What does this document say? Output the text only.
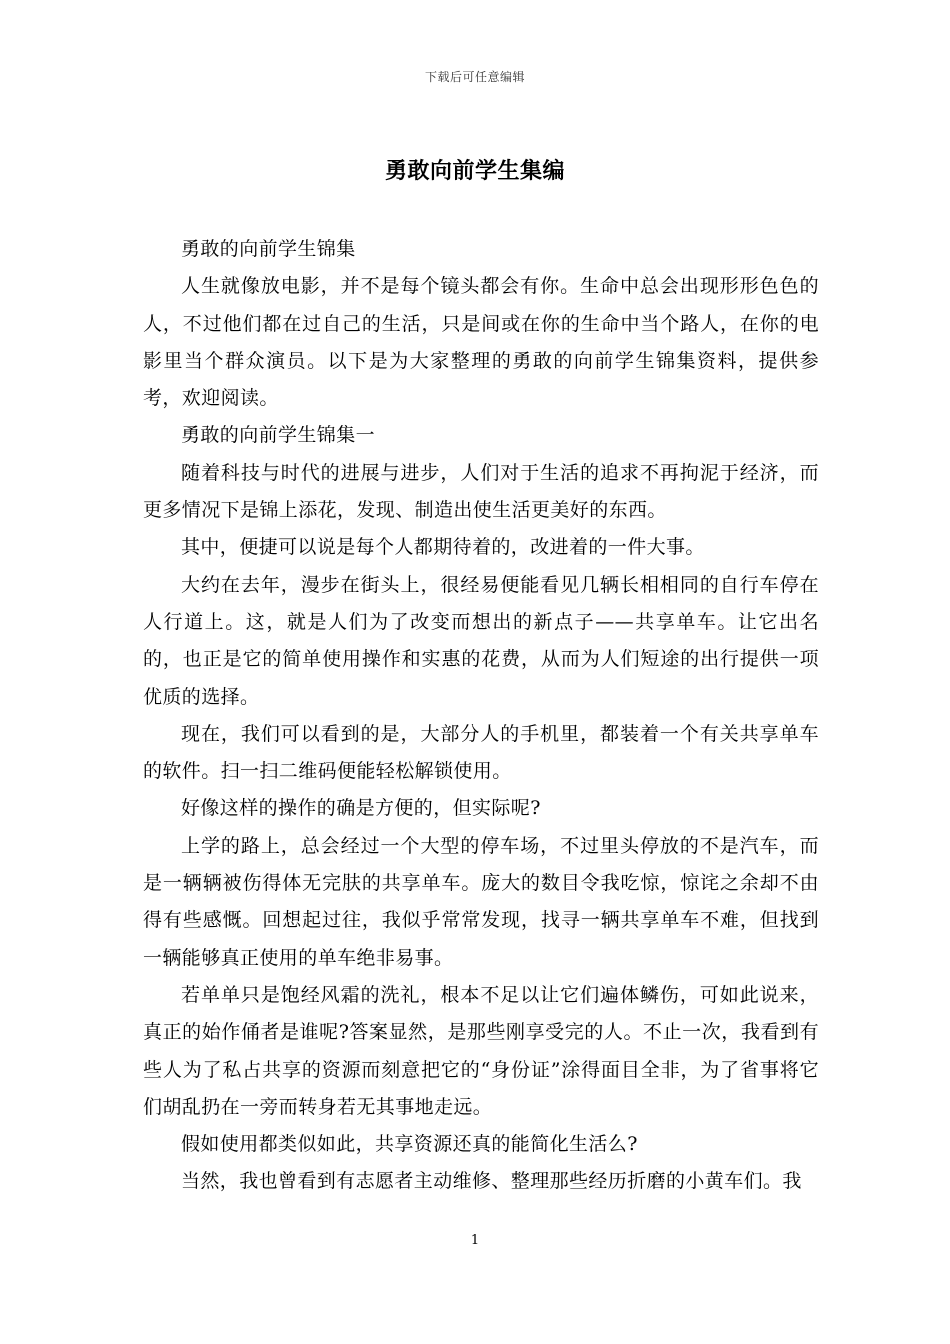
下载后可任意编辑
勇敢向前学生集编

勇敢的向前学生锦集

人生就像放电影，并不是每个镜头都会有你。生命中总会出现形形色色的人，不过他们都在过自己的生活，只是间或在你的生命中当个路人，在你的电影里当个群众演员。以下是为大家整理的勇敢的向前学生锦集资料，提供参考，欢迎阅读。

勇敢的向前学生锦集一

随着科技与时代的进展与进步，人们对于生活的追求不再拘泥于经济，而更多情况下是锦上添花，发现、制造出使生活更美好的东西。

其中，便捷可以说是每个人都期待着的，改进着的一件大事。

大约在去年，漫步在街头上，很经易便能看见几辆长相相同的自行车停在人行道上。这，就是人们为了改变而想出的新点子——共享单车。让它出名的，也正是它的简单使用操作和实惠的花费，从而为人们短途的出行提供一项优质的选择。

现在，我们可以看到的是，大部分人的手机里，都装着一个有关共享单车的软件。扫一扫二维码便能轻松解锁使用。

好像这样的操作的确是方便的，但实际呢?

上学的路上，总会经过一个大型的停车场，不过里头停放的不是汽车，而是一辆辆被伤得体无完肤的共享单车。庞大的数目令我吃惊，惊诧之余却不由得有些感慨。回想起过往，我似乎常常发现，找寻一辆共享单车不难，但找到一辆能够真正使用的单车绝非易事。

若单单只是饱经风霜的洗礼，根本不足以让它们遍体鳞伤，可如此说来，真正的始作俑者是谁呢?答案显然，是那些刚享受完的人。不止一次，我看到有些人为了私占共享的资源而刻意把它的“身份证”涂得面目全非，为了省事将它们胡乱扔在一旁而转身若无其事地走远。

假如使用都类似如此，共享资源还真的能简化生活么?

当然，我也曾看到有志愿者主动维修、整理那些经历折磨的小黄车们。我

1
